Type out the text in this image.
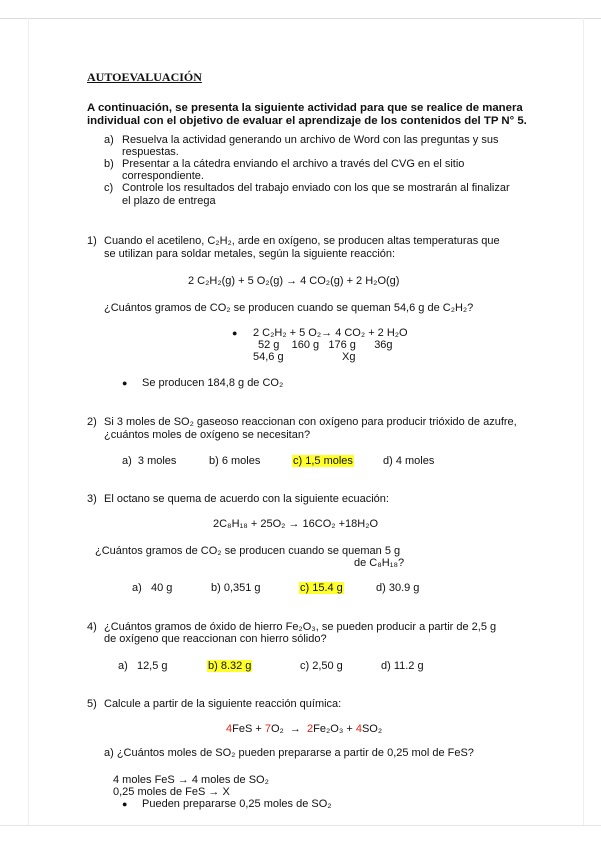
AUTOEVALUACIÓN
A continuación, se presenta la siguiente actividad para que se realice de manera
individual con el objetivo de evaluar el aprendizaje de los contenidos del TP N° 5.
a) Resuelva la actividad generando un archivo de Word con las preguntas y sus
respuestas.
b) Presentar a la cátedra enviando el archivo a través del CVG en el sitio
correspondiente.
c) Controle los resultados del trabajo enviado con los que se mostrarán al finalizar
el plazo de entrega
1) Cuando el acetileno, C₂H₂, arde en oxígeno, se producen altas temperaturas que
se utilizan para soldar metales, según la siguiente reacción:
2 C₂H₂(g) + 5 O₂(g) → 4 CO₂(g) + 2 H₂O(g)
¿Cuántos gramos de CO₂ se producen cuando se queman 54,6 g de C₂H₂?
● 2 C₂H₂ + 5 O₂→ 4 CO₂ + 2 H₂O
52 g    160 g   176 g      36g
54,6 g	Xg
● Se producen 184,8 g de CO₂
2) Si 3 moles de SO₂ gaseoso reaccionan con oxígeno para producir trióxido de azufre,
¿cuántos moles de oxígeno se necesitan?
a)  3 moles	b) 6 moles	c) 1,5 moles	d) 4 moles
3) El octano se quema de acuerdo con la siguiente ecuación:
2C₈H₁₈ + 25O₂ → 16CO₂ +18H₂O
¿Cuántos gramos de CO₂ se producen cuando se queman 5 g
de C₈H₁₈?
a)   40 g	b) 0,351 g	c) 15.4 g	d) 30.9 g
4) ¿Cuántos gramos de óxido de hierro Fe₂O₃, se pueden producir a partir de 2,5 g
de oxígeno que reaccionan con hierro sólido?
a)   12,5 g	b) 8.32 g	c) 2,50 g	d) 11.2 g
5) Calcule a partir de la siguiente reacción química:
4FeS + 7O₂  →  2Fe₂O₃ + 4SO₂
a) ¿Cuántos moles de SO₂ pueden prepararse a partir de 0,25 mol de FeS?
4 moles FeS → 4 moles de SO₂
0,25 moles de FeS → X
● Pueden prepararse 0,25 moles de SO₂
